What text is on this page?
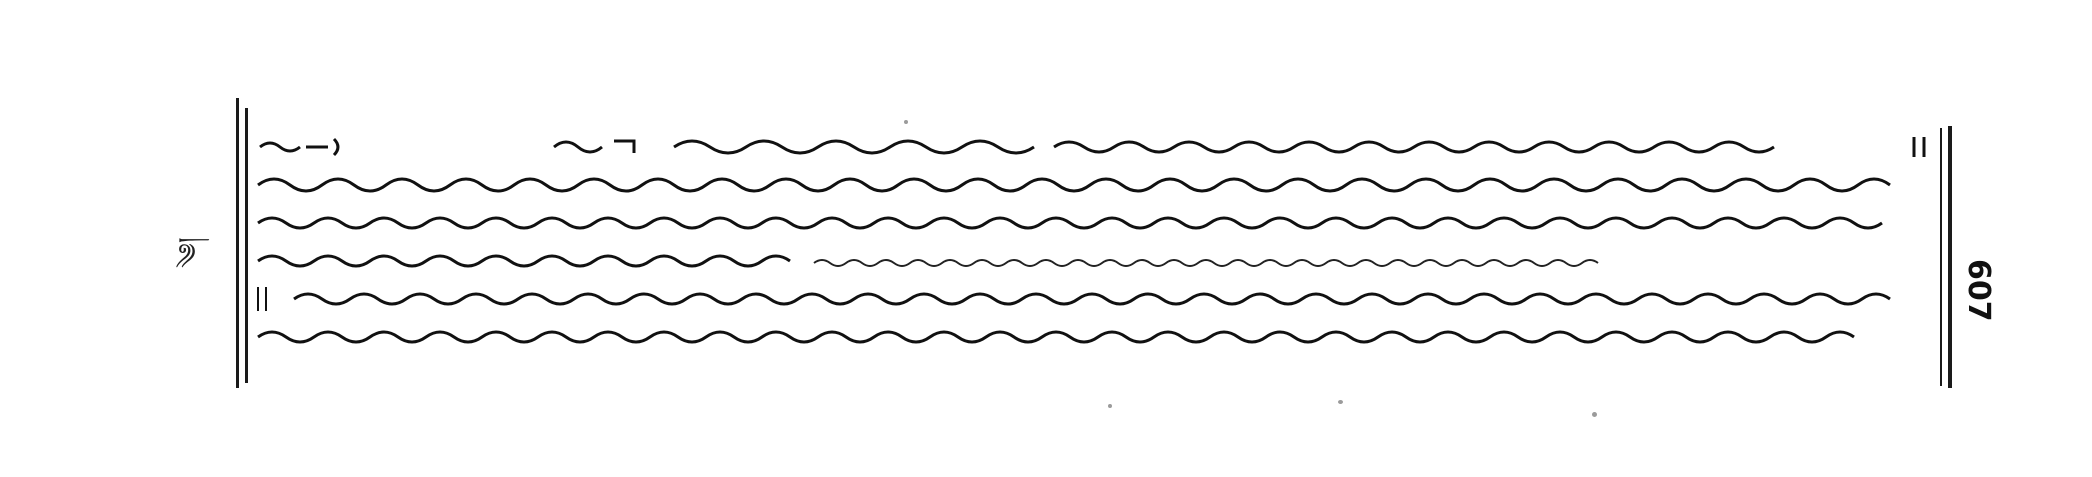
༄།
607
